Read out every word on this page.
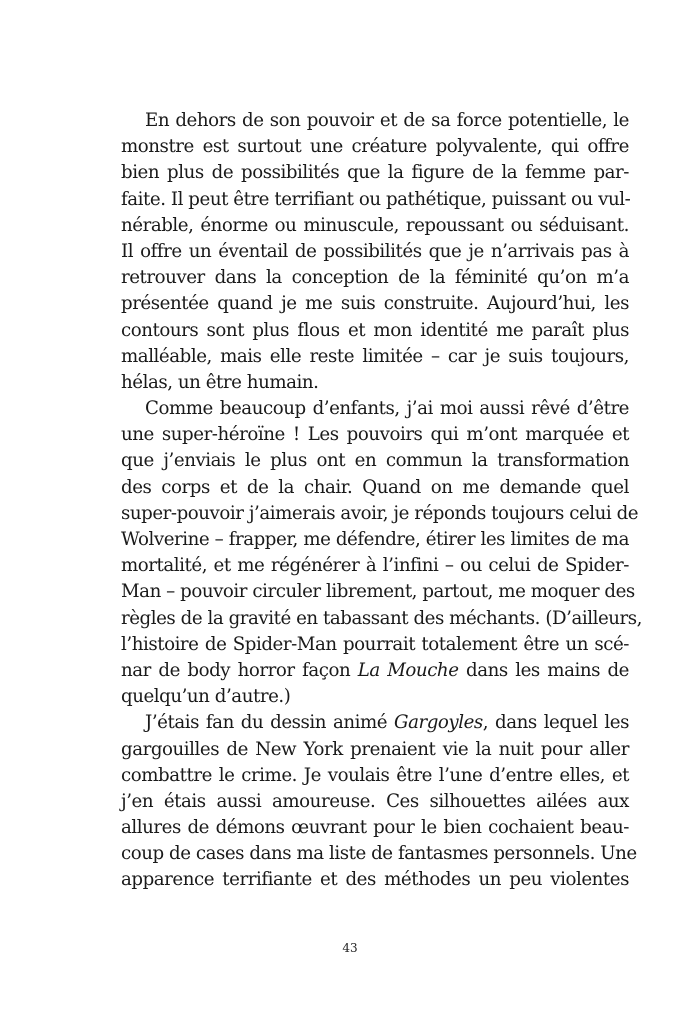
En dehors de son pouvoir et de sa force potentielle, le
monstre est surtout une créature polyvalente, qui offre
bien plus de possibilités que la figure de la femme par-
faite. Il peut être terrifiant ou pathétique, puissant ou vul-
nérable, énorme ou minuscule, repoussant ou séduisant.
Il offre un éventail de possibilités que je n’arrivais pas à
retrouver dans la conception de la féminité qu’on m’a
présentée quand je me suis construite. Aujourd’hui, les
contours sont plus flous et mon identité me paraît plus
malléable, mais elle reste limitée – car je suis toujours,
hélas, un être humain.
Comme beaucoup d’enfants, j’ai moi aussi rêvé d’être
une super-héroïne ! Les pouvoirs qui m’ont marquée et
que j’enviais le plus ont en commun la transformation
des corps et de la chair. Quand on me demande quel
super-pouvoir j’aimerais avoir, je réponds toujours celui de
Wolverine – frapper, me défendre, étirer les limites de ma
mortalité, et me régénérer à l’infini – ou celui de Spider-
Man – pouvoir circuler librement, partout, me moquer des
règles de la gravité en tabassant des méchants. (D’ailleurs,
l’histoire de Spider-Man pourrait totalement être un scé-
nar de body horror façon La Mouche dans les mains de
quelqu’un d’autre.)
J’étais fan du dessin animé Gargoyles, dans lequel les
gargouilles de New York prenaient vie la nuit pour aller
combattre le crime. Je voulais être l’une d’entre elles, et
j’en étais aussi amoureuse. Ces silhouettes ailées aux
allures de démons œuvrant pour le bien cochaient beau-
coup de cases dans ma liste de fantasmes personnels. Une
apparence terrifiante et des méthodes un peu violentes
43
